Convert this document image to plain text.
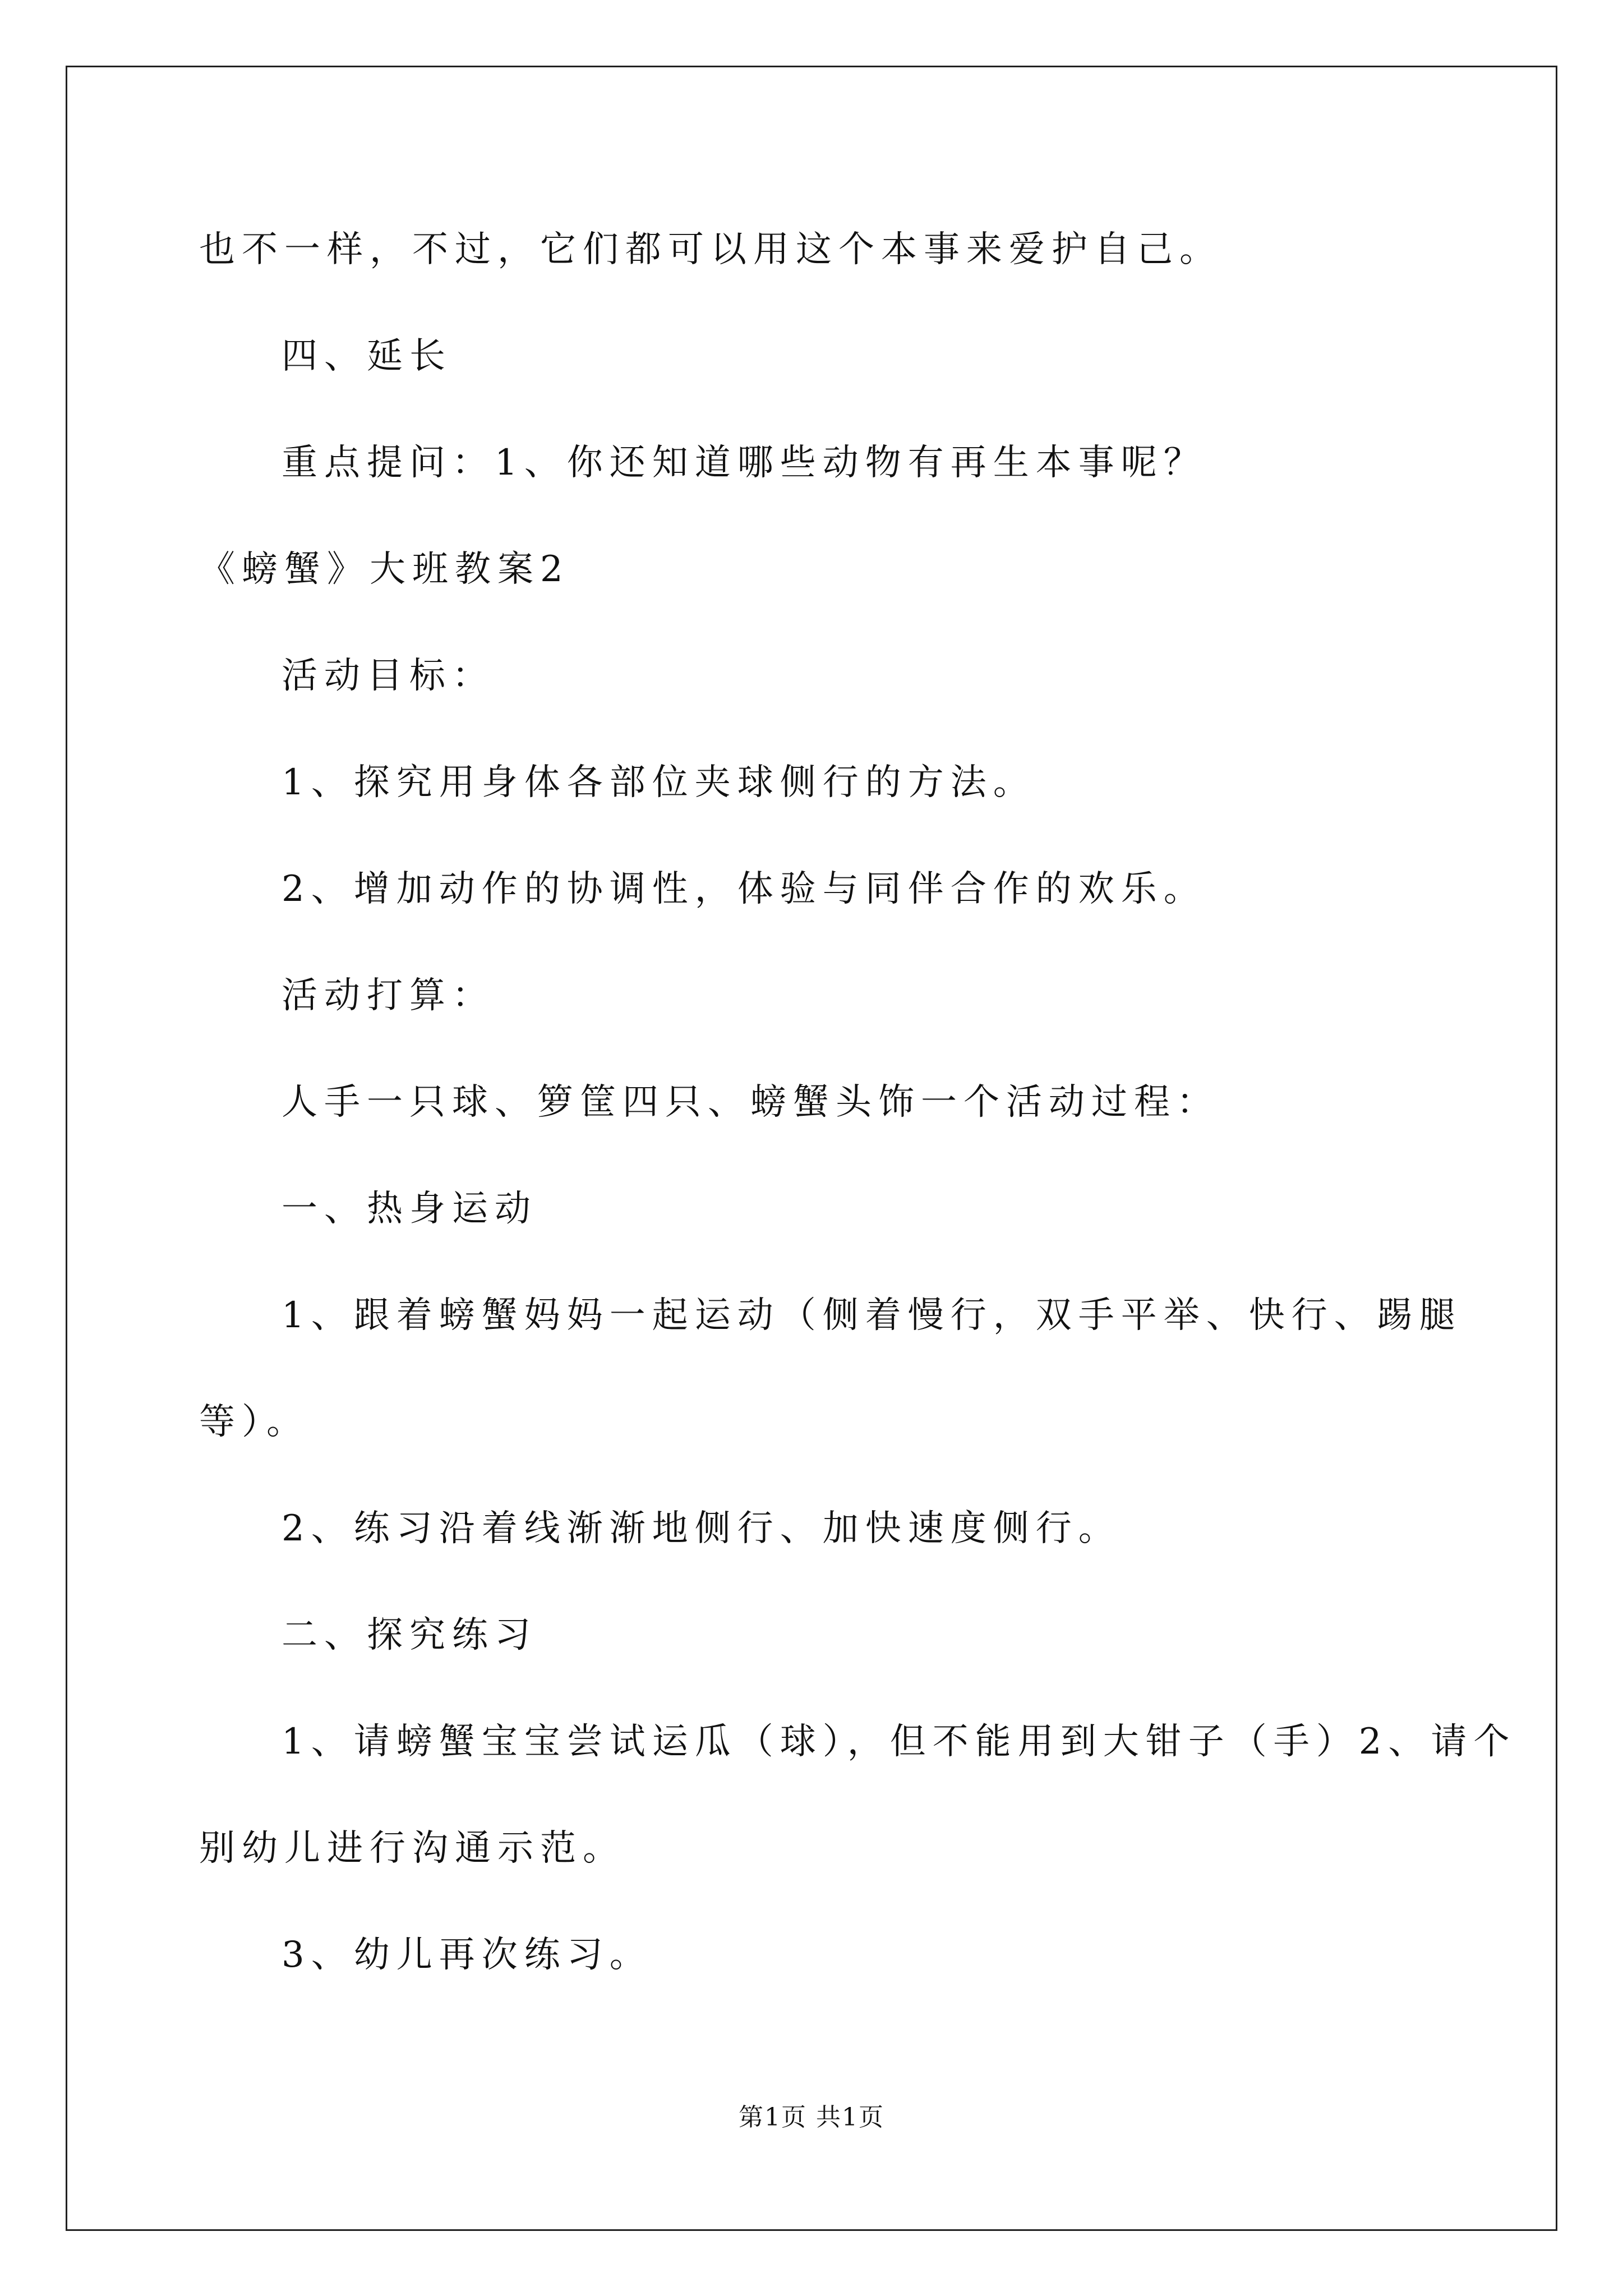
也不一样，不过，它们都可以用这个本事来爱护自己。
四、延长
重点提问：1、你还知道哪些动物有再生本事呢？
《螃蟹》大班教案2
活动目标：
1、探究用身体各部位夹球侧行的方法。
2、增加动作的协调性，体验与同伴合作的欢乐。
活动打算：
人手一只球、箩筐四只、螃蟹头饰一个活动过程：
一、热身运动
1、跟着螃蟹妈妈一起运动（侧着慢行，双手平举、快行、踢腿
等）。
2、练习沿着线渐渐地侧行、加快速度侧行。
二、探究练习
1、请螃蟹宝宝尝试运瓜（球），但不能用到大钳子（手）2、请个
别幼儿进行沟通示范。
3、幼儿再次练习。
第1页 共1页
